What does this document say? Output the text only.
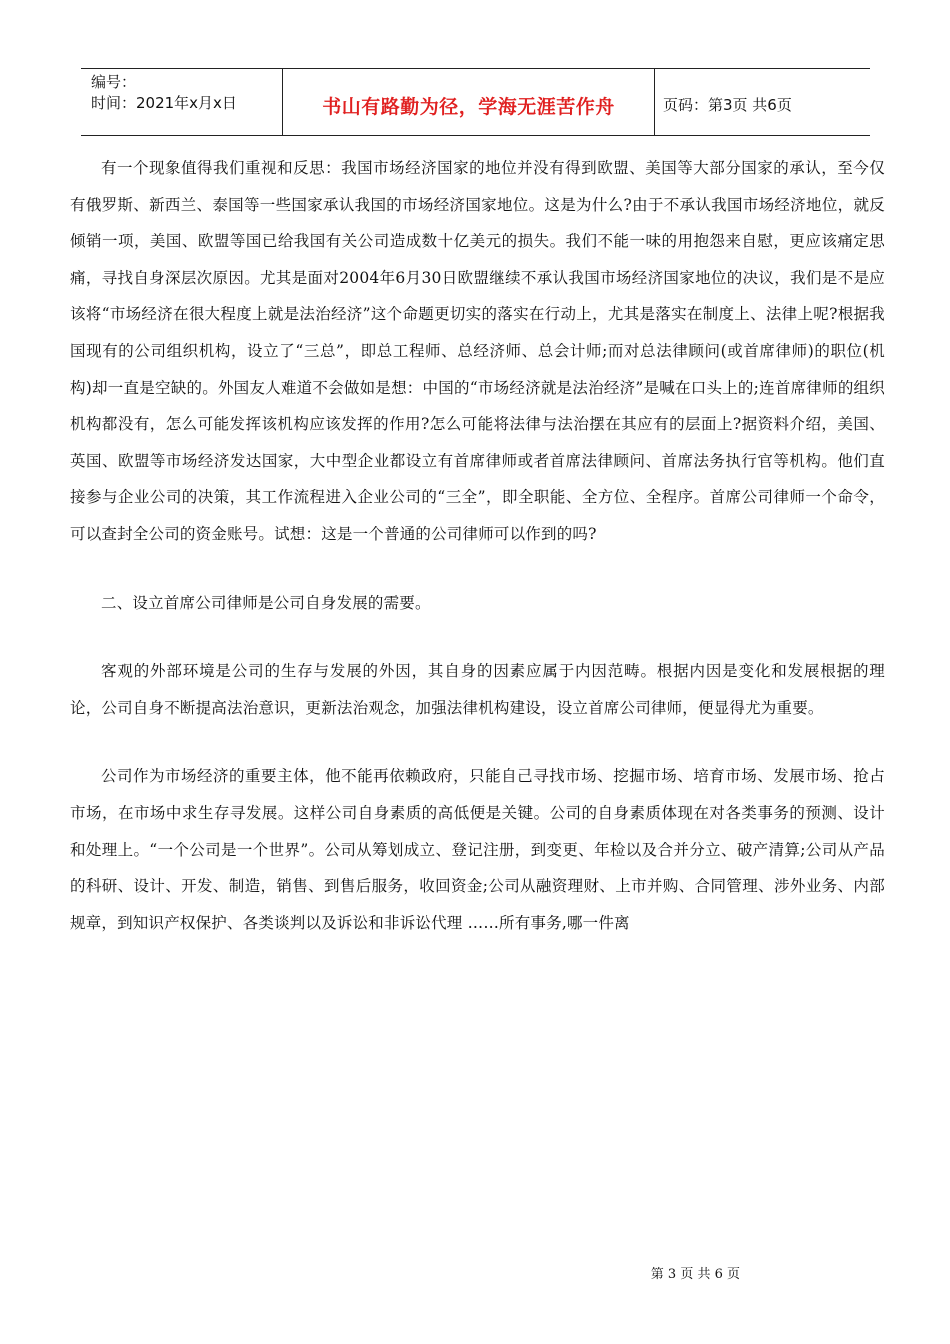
编号：
时间：2021年x月x日	书山有路勤为径，学海无涯苦作舟	页码：第3页 共6页

有一个现象值得我们重视和反思：我国市场经济国家的地位并没有得到欧盟、美国等大部分国家的承认，至今仅有俄罗斯、新西兰、泰国等一些国家承认我国的市场经济国家地位。这是为什么?由于不承认我国市场经济地位，就反倾销一项，美国、欧盟等国已给我国有关公司造成数十亿美元的损失。我们不能一味的用抱怨来自慰，更应该痛定思痛，寻找自身深层次原因。尤其是面对2004年6月30日欧盟继续不承认我国市场经济国家地位的决议，我们是不是应该将“市场经济在很大程度上就是法治经济”这个命题更切实的落实在行动上，尤其是落实在制度上、法律上呢?根据我国现有的公司组织机构，设立了“三总”，即总工程师、总经济师、总会计师;而对总法律顾问(或首席律师)的职位(机构)却一直是空缺的。外国友人难道不会做如是想：中国的“市场经济就是法治经济”是喊在口头上的;连首席律师的组织机构都没有，怎么可能发挥该机构应该发挥的作用?怎么可能将法律与法治摆在其应有的层面上?据资料介绍，美国、英国、欧盟等市场经济发达国家，大中型企业都设立有首席律师或者首席法律顾问、首席法务执行官等机构。他们直接参与企业公司的决策，其工作流程进入企业公司的“三全”，即全职能、全方位、全程序。首席公司律师一个命令，可以查封全公司的资金账号。试想：这是一个普通的公司律师可以作到的吗?

二、设立首席公司律师是公司自身发展的需要。

客观的外部环境是公司的生存与发展的外因，其自身的因素应属于内因范畴。根据内因是变化和发展根据的理论，公司自身不断提高法治意识，更新法治观念，加强法律机构建设，设立首席公司律师，便显得尤为重要。

公司作为市场经济的重要主体，他不能再依赖政府，只能自己寻找市场、挖掘市场、培育市场、发展市场、抢占市场，在市场中求生存寻发展。这样公司自身素质的高低便是关键。公司的自身素质体现在对各类事务的预测、设计和处理上。“一个公司是一个世界”。公司从筹划成立、登记注册，到变更、年检以及合并分立、破产清算;公司从产品的科研、设计、开发、制造，销售、到售后服务，收回资金;公司从融资理财、上市并购、合同管理、涉外业务、内部规章，到知识产权保护、各类谈判以及诉讼和非诉讼代理 ……所有事务,哪一件离

第 3 页 共 6 页
